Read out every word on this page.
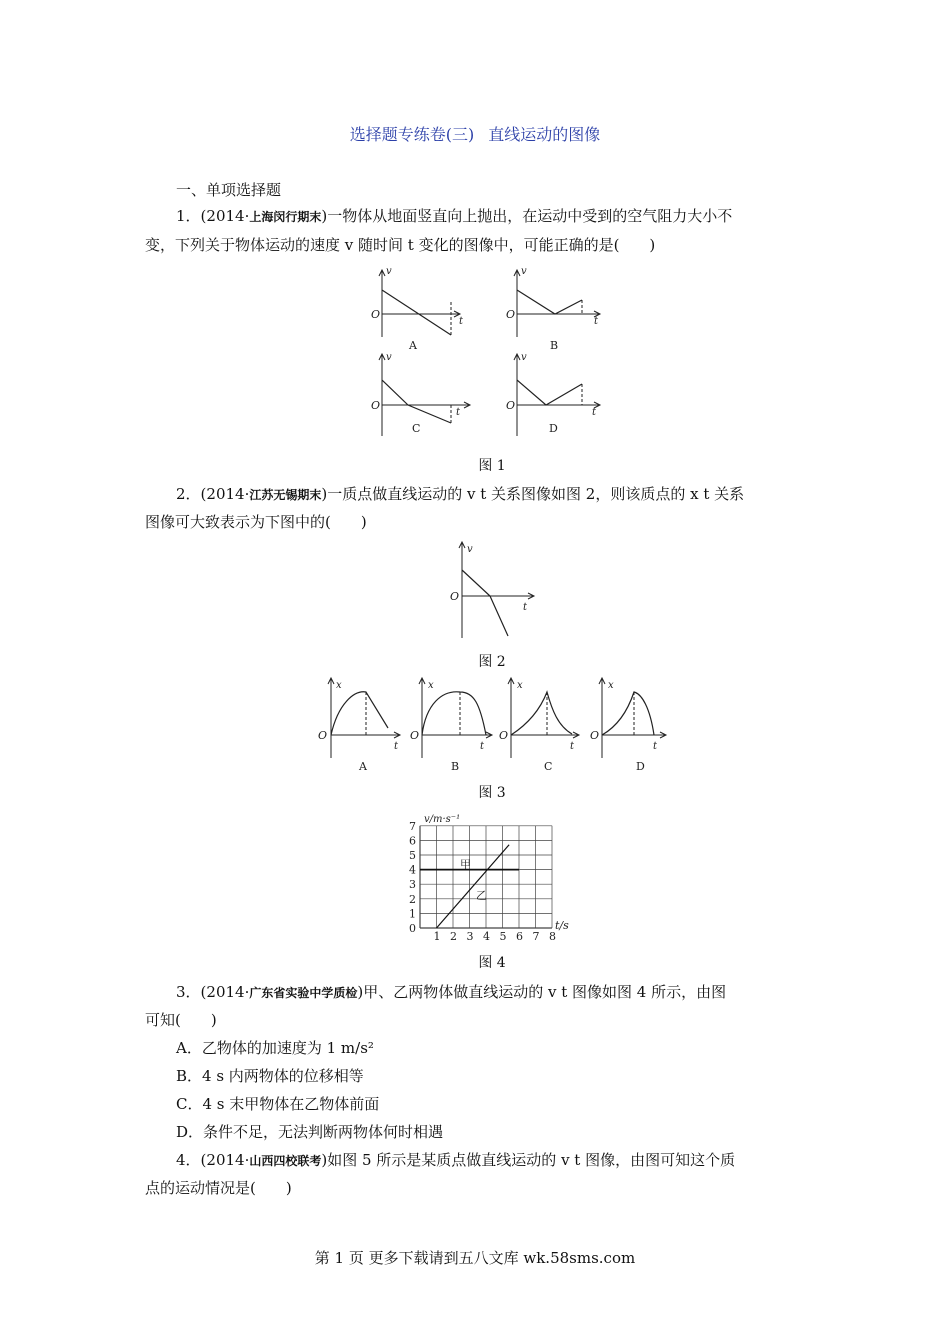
选择题专练卷(三) 直线运动的图像
一、单项选择题
1．(2014·上海闵行期末)一物体从地面竖直向上抛出，在运动中受到的空气阻力大小不
变，下列关于物体运动的速度 v 随时间 t 变化的图像中，可能正确的是(　　)
v
O
t
A
v
O
t
B
v
O
t
C
v
O
t
D
图 1
2．(2014·江苏无锡期末)一质点做直线运动的 v t 关系图像如图 2，则该质点的 x t 关系
图像可大致表示为下图中的(　　)
v
O
t
图 2
x
O
t
A
x
O
t
B
x
O
t
C
x
O
t
D
图 3
v/m·s⁻¹
t/s
甲
乙
0
1
2
3
4
5
6
7
1 2 3 4 5 6 7 8
图 4
3．(2014·广东省实验中学质检)甲、乙两物体做直线运动的 v t 图像如图 4 所示，由图
可知(　　)
A．乙物体的加速度为 1 m/s²
B．4 s 内两物体的位移相等
C．4 s 末甲物体在乙物体前面
D．条件不足，无法判断两物体何时相遇
4．(2014·山西四校联考)如图 5 所示是某质点做直线运动的 v t 图像，由图可知这个质
点的运动情况是(　　)
第 1 页 更多下载请到五八文库 wk.58sms.com
